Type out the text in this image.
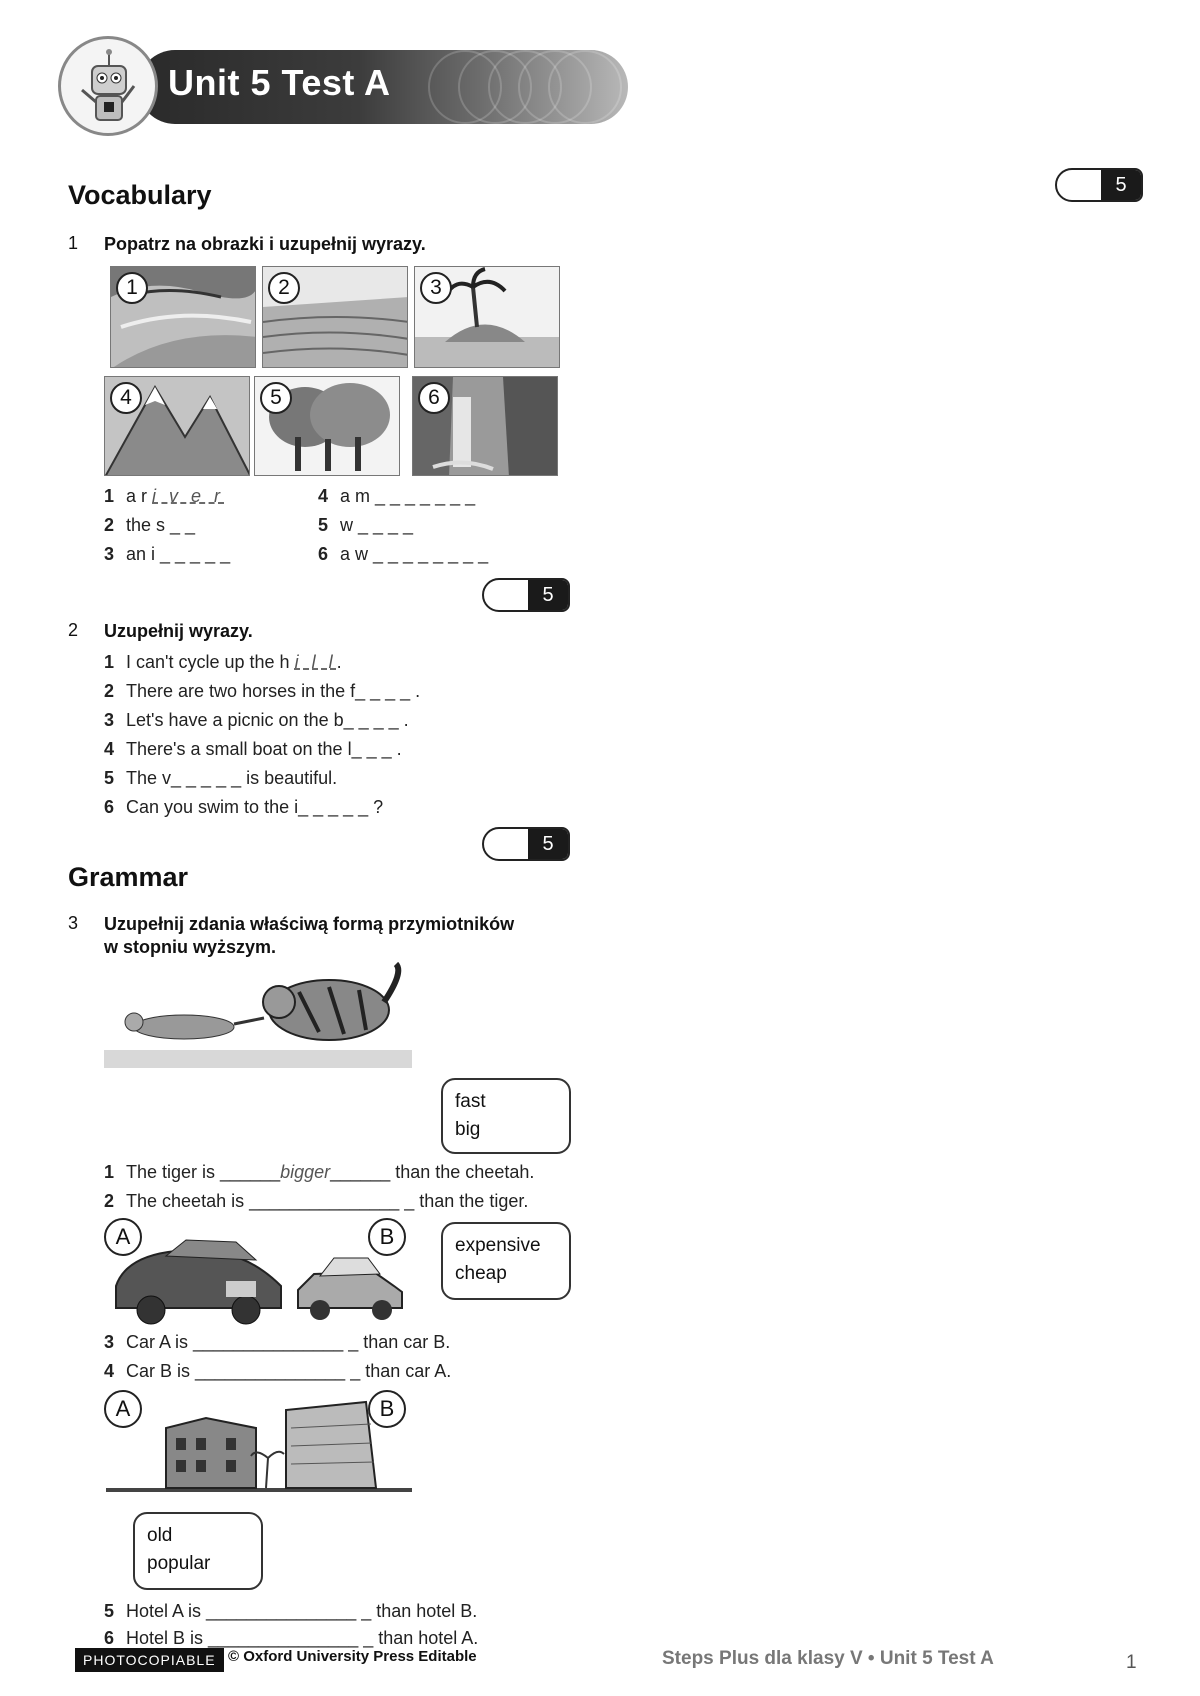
Unit 5 Test A
Vocabulary	5
1 Popatrz na obrazki i uzupełnij wyrazy.
1	2	3
4	5	6
1 a r i v e r
2 the s _ _
3 an i _ _ _ _ _
4 a m _ _ _ _ _ _ _
5 w _ _ _ _
6 a w _ _ _ _ _ _ _ _
5
2 Uzupełnij wyrazy.
1 I can't cycle up the h i l l.
2 There are two horses in the f_ _ _ _ .
3 Let's have a picnic on the b_ _ _ _ .
4 There's a small boat on the l_ _ _ .
5 The v_ _ _ _ _ is beautiful.
6 Can you swim to the i_ _ _ _ _ ?
5
Grammar
3 Uzupełnij zdania właściwą formą przymiotników
w stopniu wyższym.
fast
big
1 The tiger is ______bigger______ than the cheetah.
2 The cheetah is _______________ _ than the tiger.
A	B	expensive
cheap
3 Car A is _______________ _ than car B.
4 Car B is _______________ _ than car A.
A	B
old
popular
5 Hotel A is _______________ _ than hotel B.
6 Hotel B is _______________ _ than hotel A.
PHOTOCOPIABLE © Oxford University Press Editable	Steps Plus dla klasy V • Unit 5 Test A	1
